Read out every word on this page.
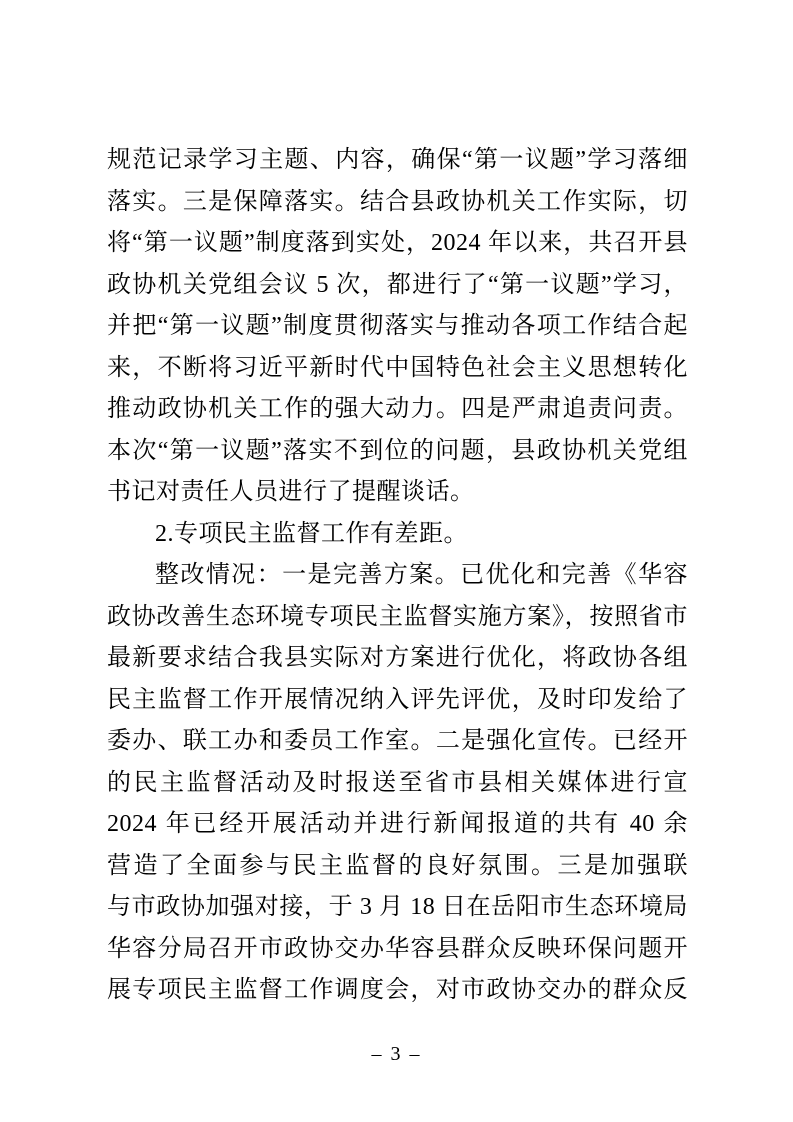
规范记录学习主题、内容，确保“第一议题”学习落细
落实。三是保障落实。结合县政协机关工作实际，切
将“第一议题”制度落到实处，2024 年以来，共召开县
政协机关党组会议 5 次，都进行了“第一议题”学习，
并把“第一议题”制度贯彻落实与推动各项工作结合起
来，不断将习近平新时代中国特色社会主义思想转化
推动政协机关工作的强大动力。四是严肃追责问责。
本次“第一议题”落实不到位的问题，县政协机关党组
书记对责任人员进行了提醒谈话。
2.专项民主监督工作有差距。
整改情况：一是完善方案。已优化和完善《华容
政协改善生态环境专项民主监督实施方案》，按照省市
最新要求结合我县实际对方案进行优化，将政协各组
民主监督工作开展情况纳入评先评优，及时印发给了
委办、联工办和委员工作室。二是强化宣传。已经开
的民主监督活动及时报送至省市县相关媒体进行宣
2024 年已经开展活动并进行新闻报道的共有 40 余
营造了全面参与民主监督的良好氛围。三是加强联
与市政协加强对接，于 3 月 18 日在岳阳市生态环境局
华容分局召开市政协交办华容县群众反映环保问题开
展专项民主监督工作调度会，对市政协交办的群众反
– 3 –
